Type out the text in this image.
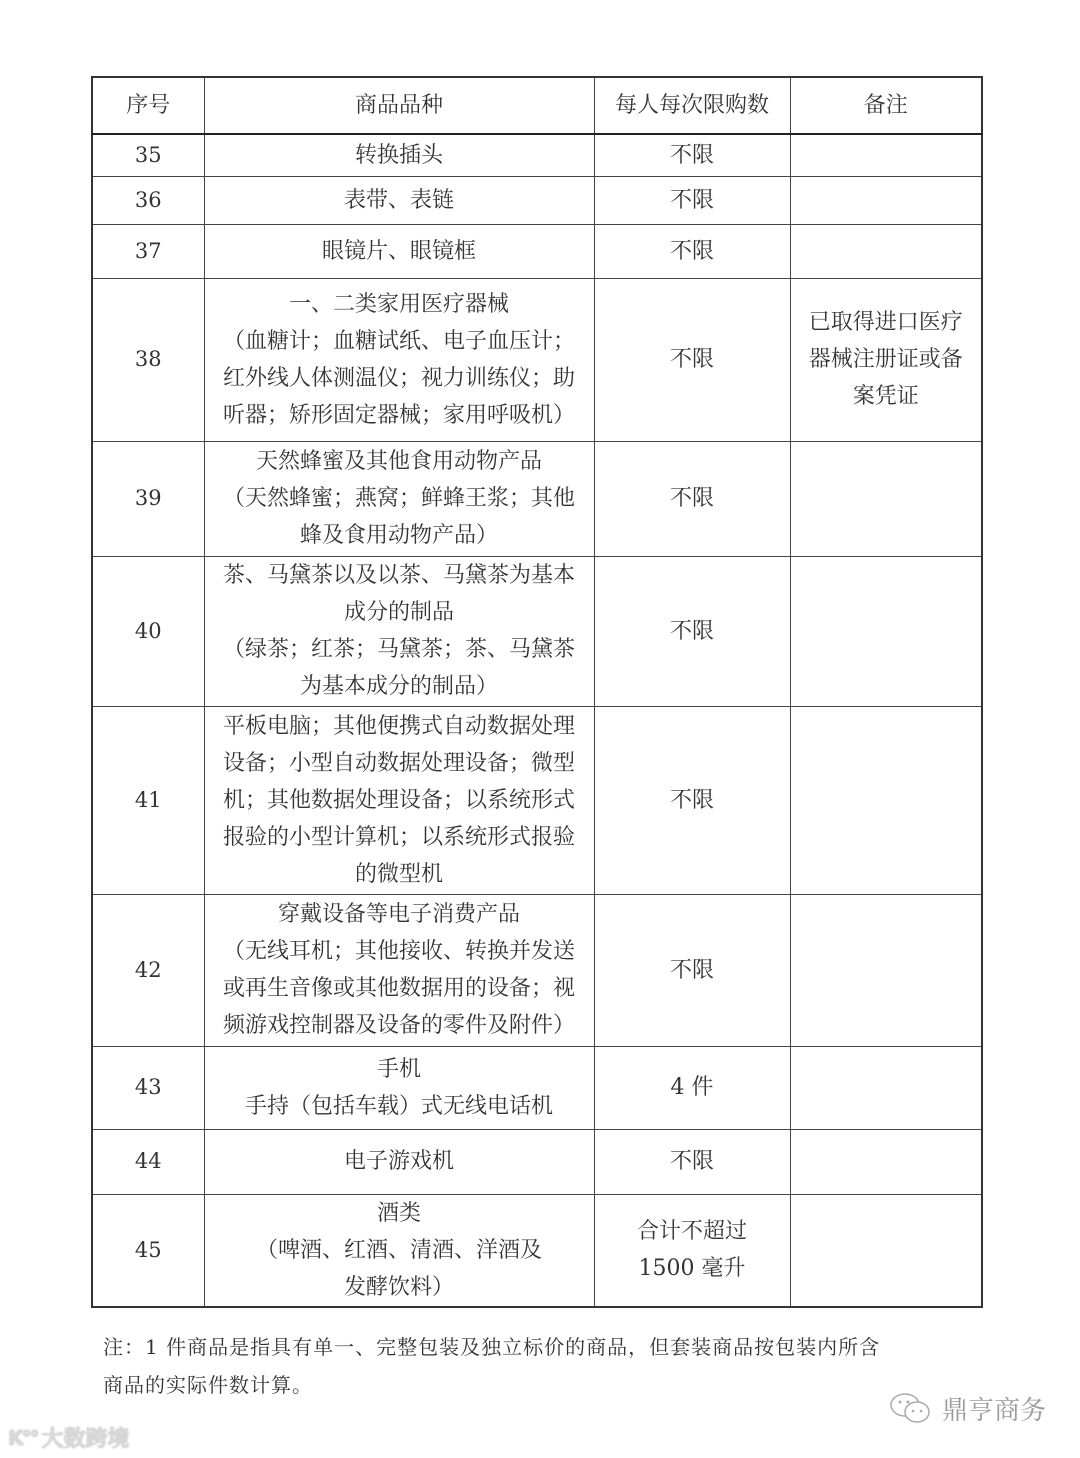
序号	商品品种	每人每次限购数	备注
35	转换插头	不限	

36	表带、表链	不限	

37	眼镜片、眼镜框	不限	

38	一、二类家用医疗器械
（血糖计；血糖试纸、电子血压计；
红外线人体测温仪；视力训练仪；助
听器；矫形固定器械；家用呼吸机）	不限	已取得进口医疗
器械注册证或备
案凭证

39	天然蜂蜜及其他食用动物产品
（天然蜂蜜；燕窝；鲜蜂王浆；其他
蜂及食用动物产品）	不限	

40	茶、马黛茶以及以茶、马黛茶为基本
成分的制品
（绿茶；红茶；马黛茶；茶、马黛茶
为基本成分的制品）	不限	

41	平板电脑；其他便携式自动数据处理
设备；小型自动数据处理设备；微型
机；其他数据处理设备；以系统形式
报验的小型计算机；以系统形式报验
的微型机	不限	

42	穿戴设备等电子消费产品
（无线耳机；其他接收、转换并发送
或再生音像或其他数据用的设备；视
频游戏控制器及设备的零件及附件）	不限	

43	手机
手持（包括车载）式无线电话机	4 件	

44	电子游戏机	不限	

45	酒类
（啤酒、红酒、清酒、洋酒及
发酵饮料）	合计不超过
1500 毫升	

注：1 件商品是指具有单一、完整包装及独立标价的商品，但套装商品按包装内所含
商品的实际件数计算。
鼎亨商务
K°° 大数跨境
